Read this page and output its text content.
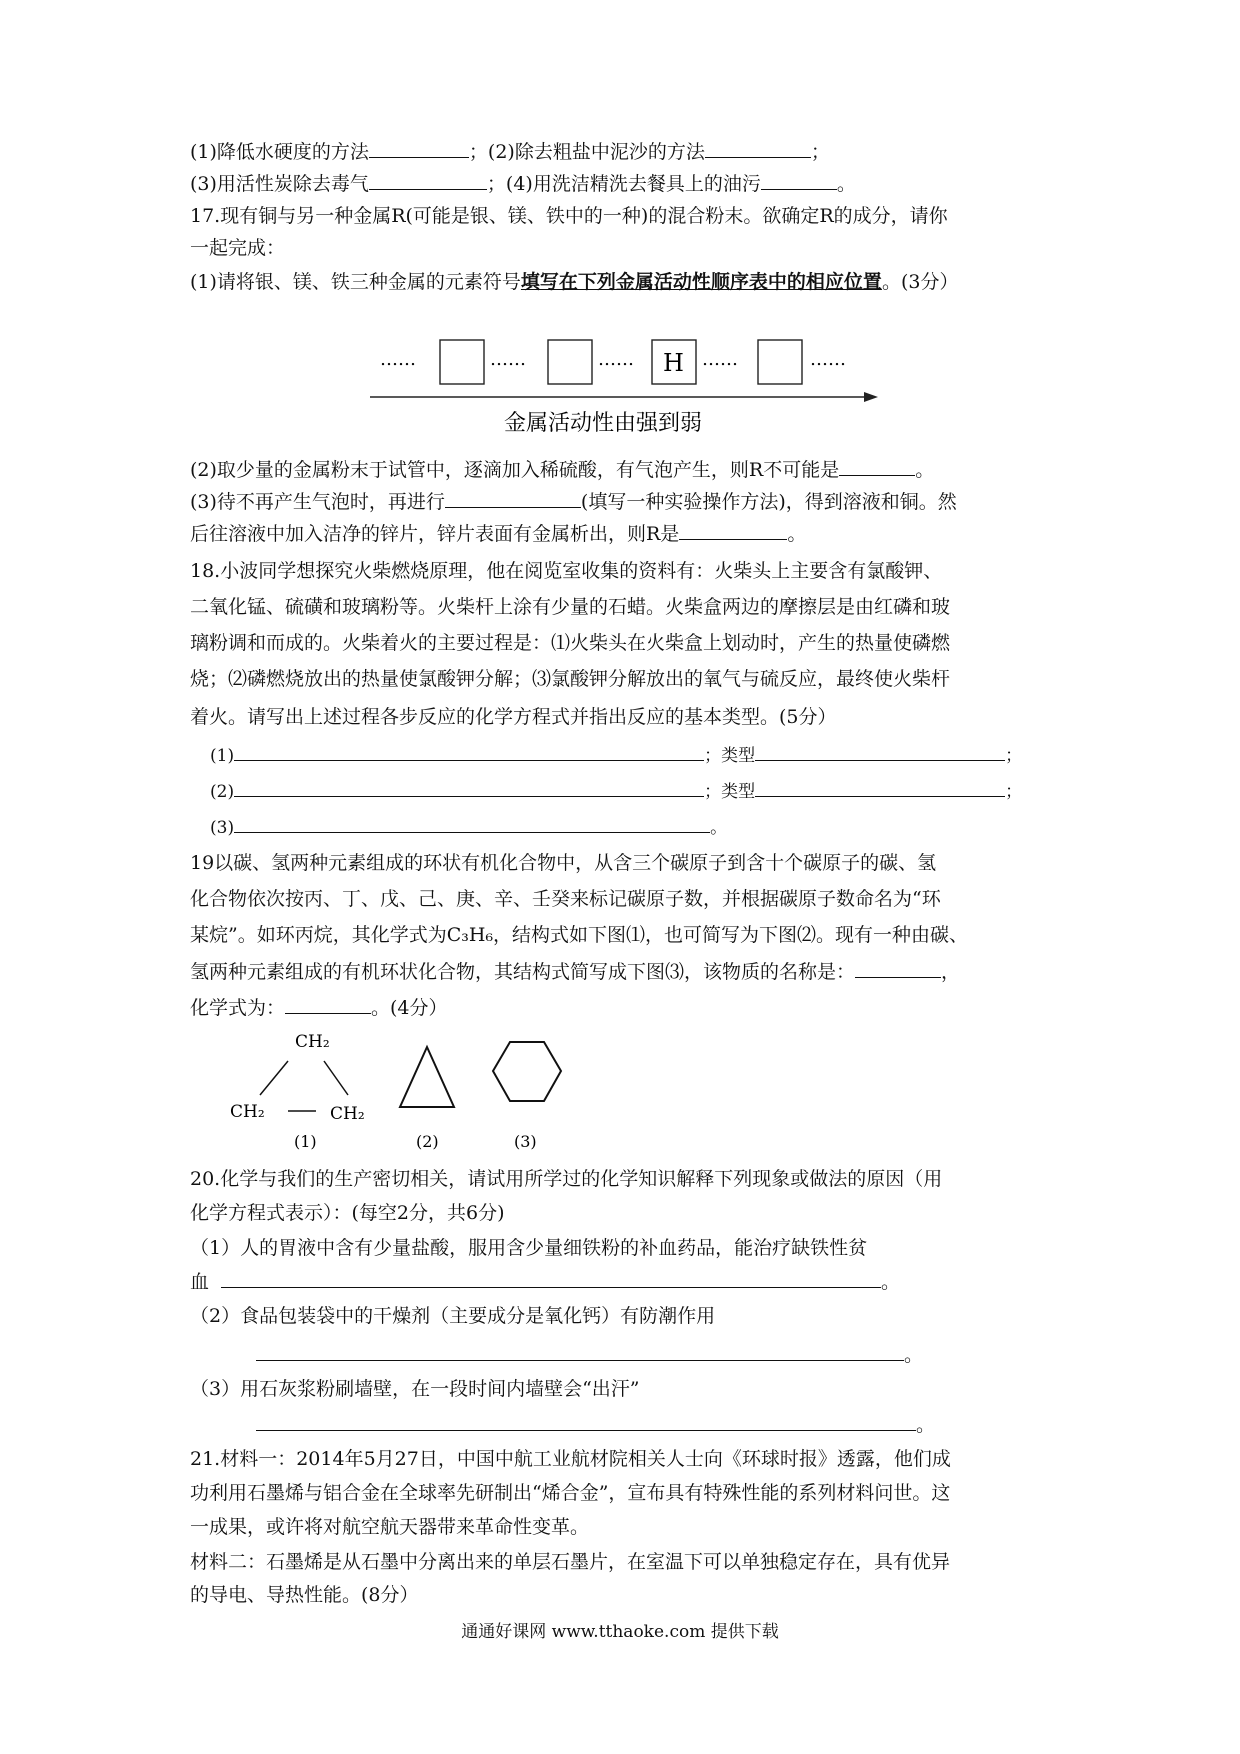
(1)降低水硬度的方法	；(2)除去粗盐中泥沙的方法	；
(3)用活性炭除去毒气	；(4)用洗洁精洗去餐具上的油污	。
17.现有铜与另一种金属R(可能是银、镁、铁中的一种)的混合粉末。欲确定R的成分，请你
一起完成：
(1)请将银、镁、铁三种金属的元素符号填写在下列金属活动性顺序表中的相应位置。(3分）
……	……	…… H ……	……
金属活动性由强到弱
(2)取少量的金属粉末于试管中，逐滴加入稀硫酸，有气泡产生，则R不可能是	。
(3)待不再产生气泡时，再进行	(填写一种实验操作方法)，得到溶液和铜。然
后往溶液中加入洁净的锌片，锌片表面有金属析出，则R是	。
18.小波同学想探究火柴燃烧原理，他在阅览室收集的资料有：火柴头上主要含有氯酸钾、
二氧化锰、硫磺和玻璃粉等。火柴杆上涂有少量的石蜡。火柴盒两边的摩擦层是由红磷和玻
璃粉调和而成的。火柴着火的主要过程是：⑴火柴头在火柴盒上划动时，产生的热量使磷燃
烧；⑵磷燃烧放出的热量使氯酸钾分解；⑶氯酸钾分解放出的氧气与硫反应，最终使火柴杆
着火。请写出上述过程各步反应的化学方程式并指出反应的基本类型。(5分）
(1)	；类型	；
(2)	；类型	；
(3)	。
19以碳、氢两种元素组成的环状有机化合物中，从含三个碳原子到含十个碳原子的碳、氢
化合物依次按丙、丁、戊、己、庚、辛、壬癸来标记碳原子数，并根据碳原子数命名为“环
某烷”。如环丙烷，其化学式为C₃H₆，结构式如下图⑴，也可简写为下图⑵。现有一种由碳、
氢两种元素组成的有机环状化合物，其结构式简写成下图⑶，该物质的名称是：	，
化学式为：	。(4分）
CH₂
CH₂	CH₂
(1)	(2)	(3)
20.化学与我们的生产密切相关，请试用所学过的化学知识解释下列现象或做法的原因（用
化学方程式表示）：(每空2分，共6分)
（1）人的胃液中含有少量盐酸，服用含少量细铁粉的补血药品，能治疗缺铁性贫
血	。
（2）食品包装袋中的干燥剂（主要成分是氧化钙）有防潮作用
。
（3）用石灰浆粉刷墙壁，在一段时间内墙壁会“出汗”
。
21.材料一：2014年5月27日，中国中航工业航材院相关人士向《环球时报》透露，他们成
功利用石墨烯与铝合金在全球率先研制出“烯合金”，宣布具有特殊性能的系列材料问世。这
一成果，或许将对航空航天器带来革命性变革。
材料二：石墨烯是从石墨中分离出来的单层石墨片，在室温下可以单独稳定存在，具有优异
的导电、导热性能。(8分）
通通好课网 www.tthaoke.com 提供下载
